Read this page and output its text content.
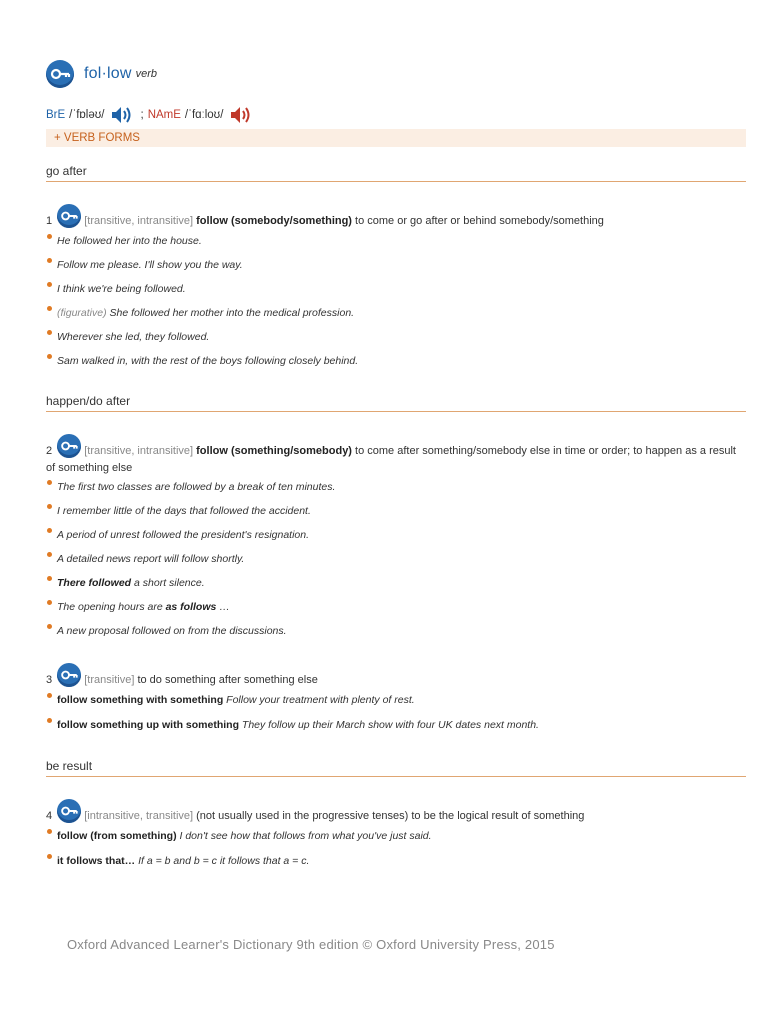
fol·low verb
BrE /ˈfɒləʊ/	; NAmE /ˈfɑːloʊ/
+ VERB FORMS
go after
1	[transitive, intransitive] follow (somebody/something) to come or go after or behind somebody/something
He followed her into the house.
Follow me please. I'll show you the way.
I think we're being followed.
(figurative) She followed her mother into the medical profession.
Wherever she led, they followed.
Sam walked in, with the rest of the boys following closely behind.
happen/do after
2	[transitive, intransitive] follow (something/somebody) to come after something/somebody else in time or order; to happen as a result of something else
The first two classes are followed by a break of ten minutes.
I remember little of the days that followed the accident.
A period of unrest followed the president's resignation.
A detailed news report will follow shortly.
There followed a short silence.
The opening hours are as follows …
A new proposal followed on from the discussions.
3	[transitive] to do something after something else
follow something with something Follow your treatment with plenty of rest.
follow something up with something They follow up their March show with four UK dates next month.
be result
4	[intransitive, transitive] (not usually used in the progressive tenses) to be the logical result of something
follow (from something) I don't see how that follows from what you've just said.
it follows that… If a = b and b = c it follows that a = c.
Oxford Advanced Learner's Dictionary 9th edition © Oxford University Press, 2015
